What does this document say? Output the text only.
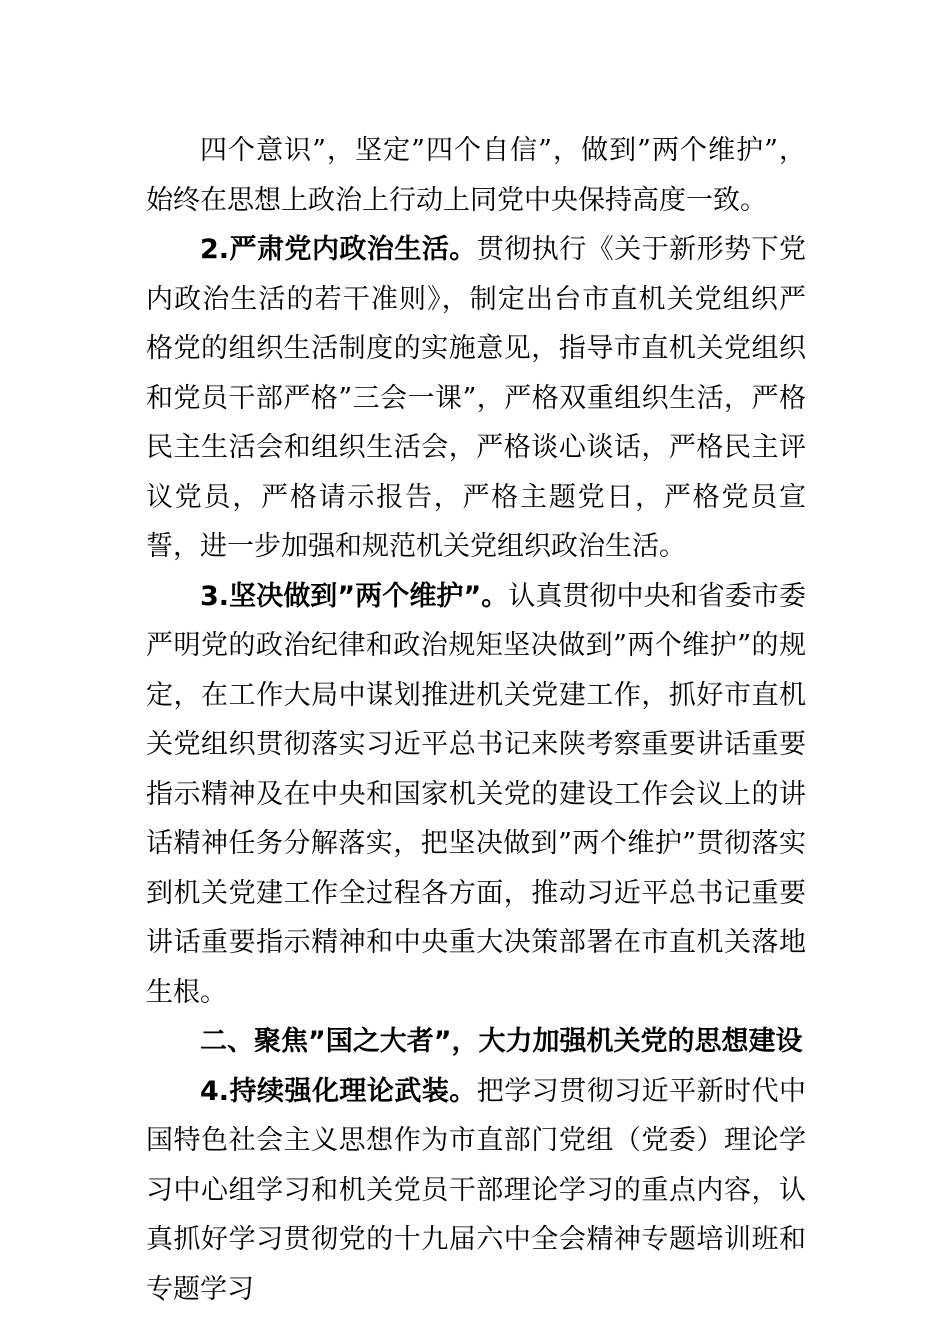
四个意识”，坚定”四个自信”，做到”两个维护”，始终在思想上政治上行动上同党中央保持高度一致。

2.严肃党内政治生活。贯彻执行《关于新形势下党内政治生活的若干准则》，制定出台市直机关党组织严格党的组织生活制度的实施意见，指导市直机关党组织和党员干部严格”三会一课”，严格双重组织生活，严格民主生活会和组织生活会，严格谈心谈话，严格民主评议党员，严格请示报告，严格主题党日，严格党员宣誓，进一步加强和规范机关党组织政治生活。

3.坚决做到”两个维护”。认真贯彻中央和省委市委严明党的政治纪律和政治规矩坚决做到”两个维护”的规定，在工作大局中谋划推进机关党建工作，抓好市直机关党组织贯彻落实习近平总书记来陕考察重要讲话重要指示精神及在中央和国家机关党的建设工作会议上的讲话精神任务分解落实，把坚决做到”两个维护”贯彻落实到机关党建工作全过程各方面，推动习近平总书记重要讲话重要指示精神和中央重大决策部署在市直机关落地生根。

二、聚焦”国之大者”，大力加强机关党的思想建设

4.持续强化理论武装。把学习贯彻习近平新时代中国特色社会主义思想作为市直部门党组（党委）理论学习中心组学习和机关党员干部理论学习的重点内容，认真抓好学习贯彻党的十九届六中全会精神专题培训班和专题学习
